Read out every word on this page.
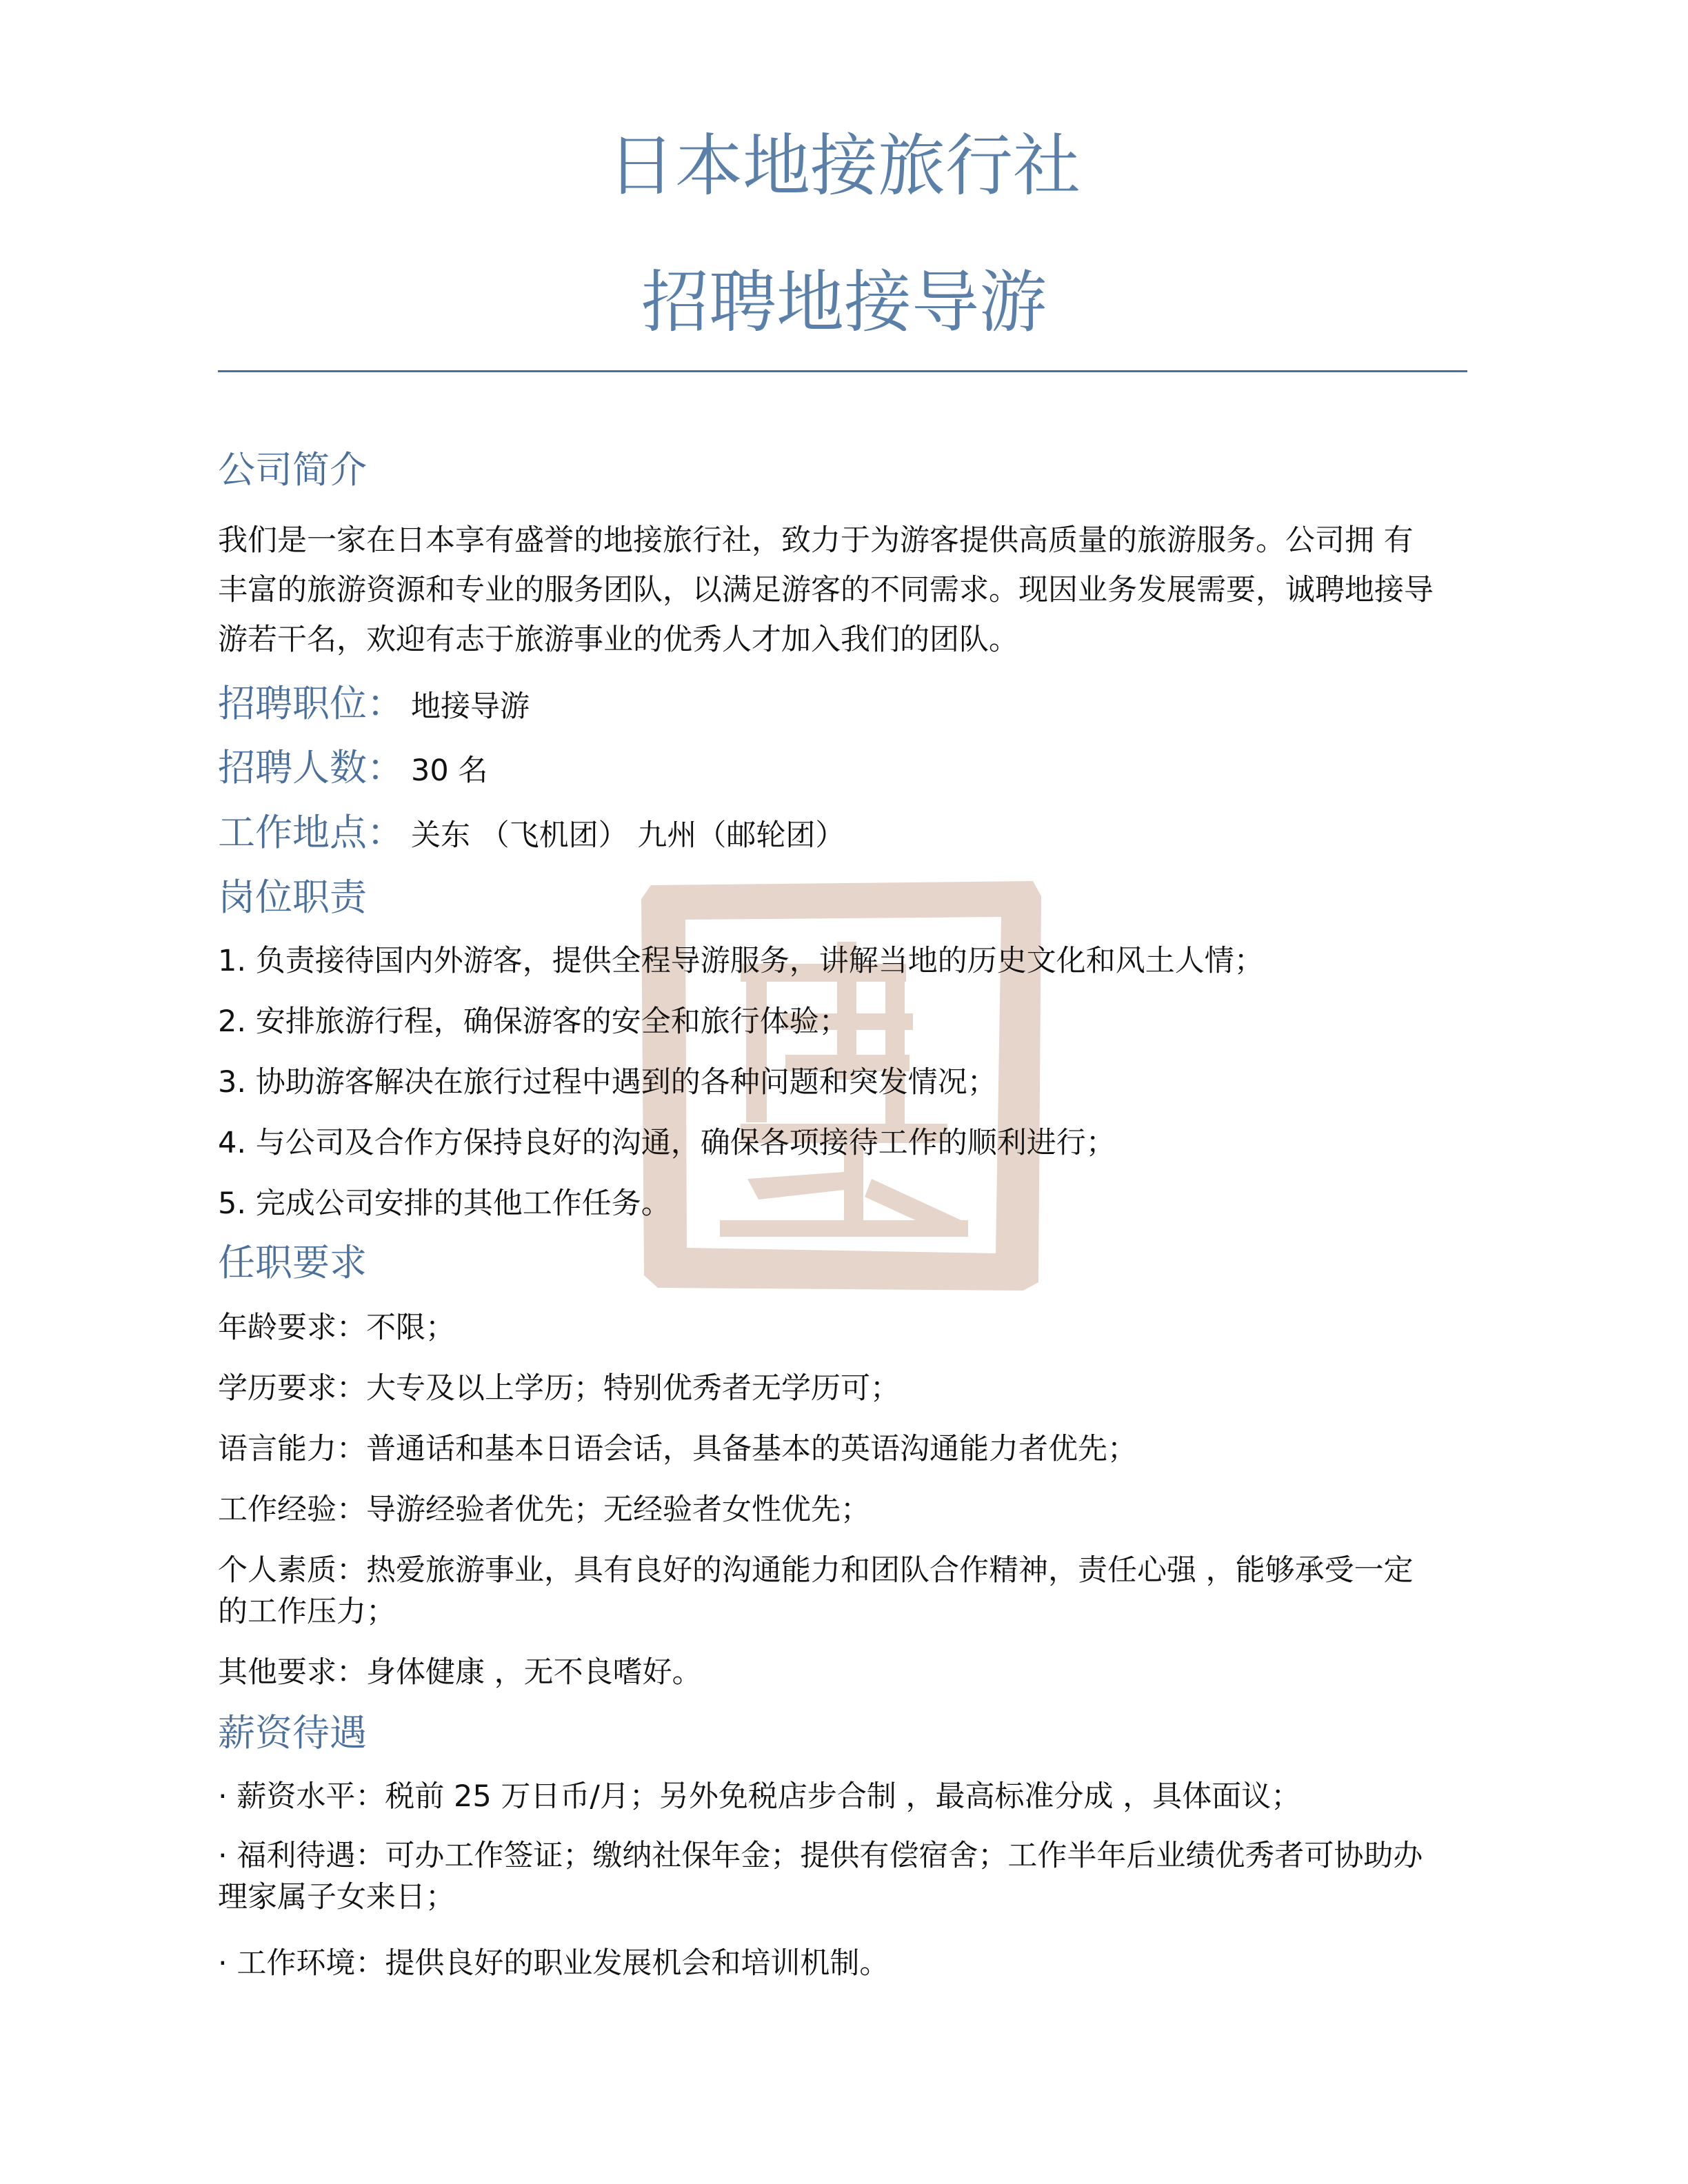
日本地接旅行社
招聘地接导游
公司简介
我们是一家在日本享有盛誉的地接旅行社，致力于为游客提供高质量的旅游服务。公司拥 有
丰富的旅游资源和专业的服务团队，以满足游客的不同需求。现因业务发展需要，诚聘地接导
游若干名，欢迎有志于旅游事业的优秀人才加入我们的团队。
招聘职位： 地接导游
招聘人数： 30 名
工作地点： 关东 （飞机团） 九州（邮轮团）
岗位职责
1. 负责接待国内外游客，提供全程导游服务，讲解当地的历史文化和风土人情；
2. 安排旅游行程，确保游客的安全和旅行体验；
3. 协助游客解决在旅行过程中遇到的各种问题和突发情况；
4. 与公司及合作方保持良好的沟通，确保各项接待工作的顺利进行；
5. 完成公司安排的其他工作任务。
任职要求
年龄要求：不限；
学历要求：大专及以上学历；特别优秀者无学历可；
语言能力：普通话和基本日语会话，具备基本的英语沟通能力者优先；
工作经验：导游经验者优先；无经验者女性优先；
个人素质：热爱旅游事业，具有良好的沟通能力和团队合作精神，责任心强 ，能够承受一定
的工作压力；
其他要求：身体健康 ，无不良嗜好。
薪资待遇
· 薪资水平：税前 25 万日币/月；另外免税店步合制 ，最高标准分成 ，具体面议；
· 福利待遇：可办工作签证；缴纳社保年金；提供有偿宿舍；工作半年后业绩优秀者可协助办
理家属子女来日；
· 工作环境：提供良好的职业发展机会和培训机制。
